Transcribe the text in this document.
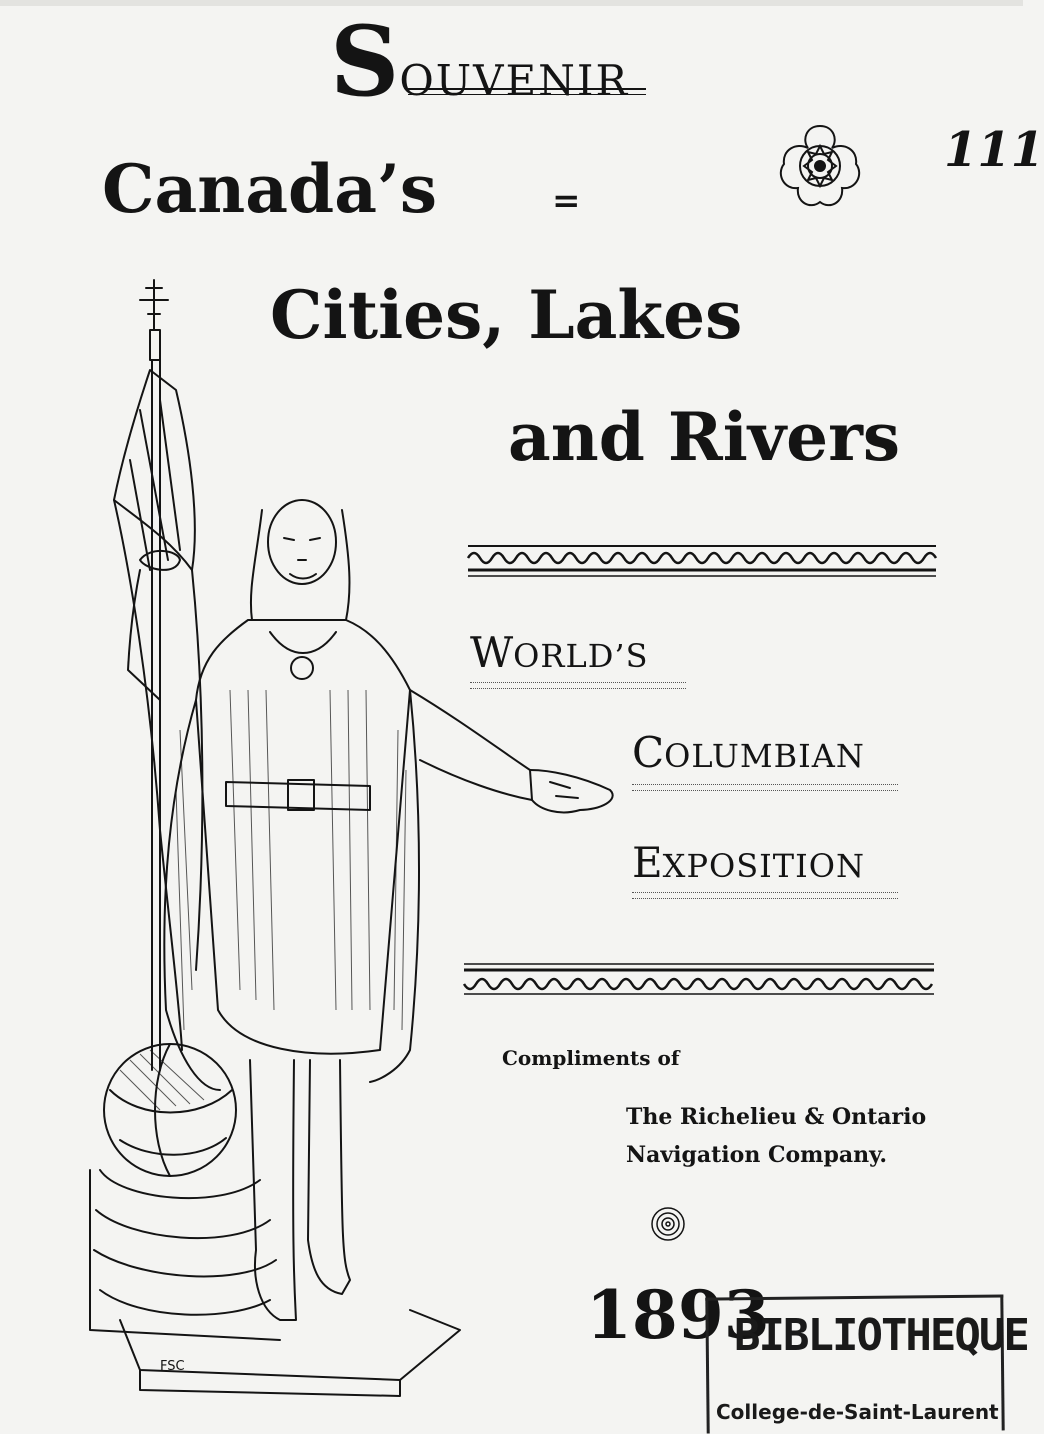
SOUVENIR
111
Canada’s	=
Cities, Lakes
and Rivers
WORLD’S
COLUMBIAN
EXPOSITION
Compliments of
The Richelieu & Ontario
Navigation Company.
1893
BIBLIOTHEQUE
College-de-Saint-Laurent
FSC
